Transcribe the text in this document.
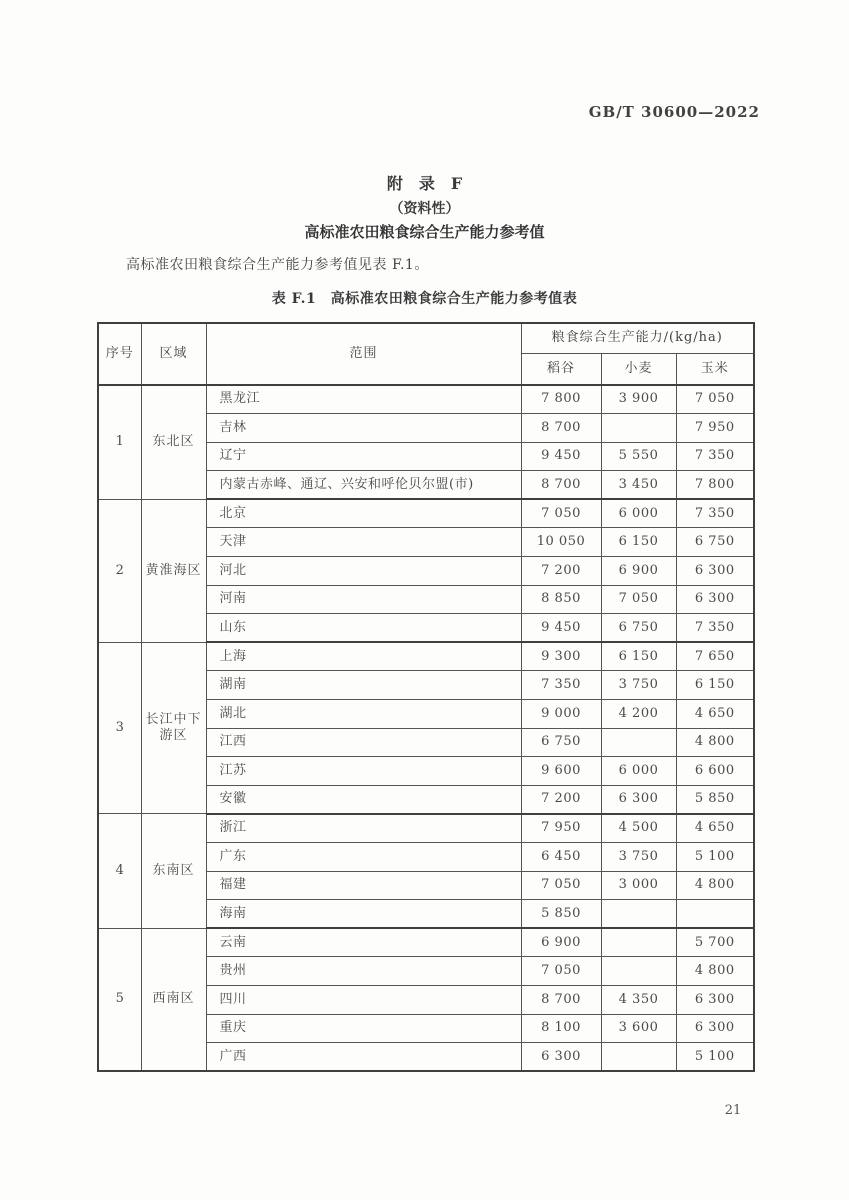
GB/T 30600—2022
附　录　F
（资料性）
高标准农田粮食综合生产能力参考值

高标准农田粮食综合生产能力参考值见表 F.1。

表 F.1　高标准农田粮食综合生产能力参考值表
序号	区域	范围	粮食综合生产能力/(kg/ha)		
			稻谷	小麦	玉米
1	东北区	黑龙江	7 800	3 900	7 050
		吉林	8 700		7 950
		辽宁	9 450	5 550	7 350
		内蒙古赤峰、通辽、兴安和呼伦贝尔盟(市)	8 700	3 450	7 800
2	黄淮海区	北京	7 050	6 000	7 350
		天津	10 050	6 150	6 750
		河北	7 200	6 900	6 300
		河南	8 850	7 050	6 300
		山东	9 450	6 750	7 350
3	长江中下游区	上海	9 300	6 150	7 650
		湖南	7 350	3 750	6 150
		湖北	9 000	4 200	4 650
		江西	6 750		4 800
		江苏	9 600	6 000	6 600
		安徽	7 200	6 300	5 850
4	东南区	浙江	7 950	4 500	4 650
		广东	6 450	3 750	5 100
		福建	7 050	3 000	4 800
		海南	5 850		
5	西南区	云南	6 900		5 700
		贵州	7 050		4 800
		四川	8 700	4 350	6 300
		重庆	8 100	3 600	6 300
		广西	6 300		5 100
21
